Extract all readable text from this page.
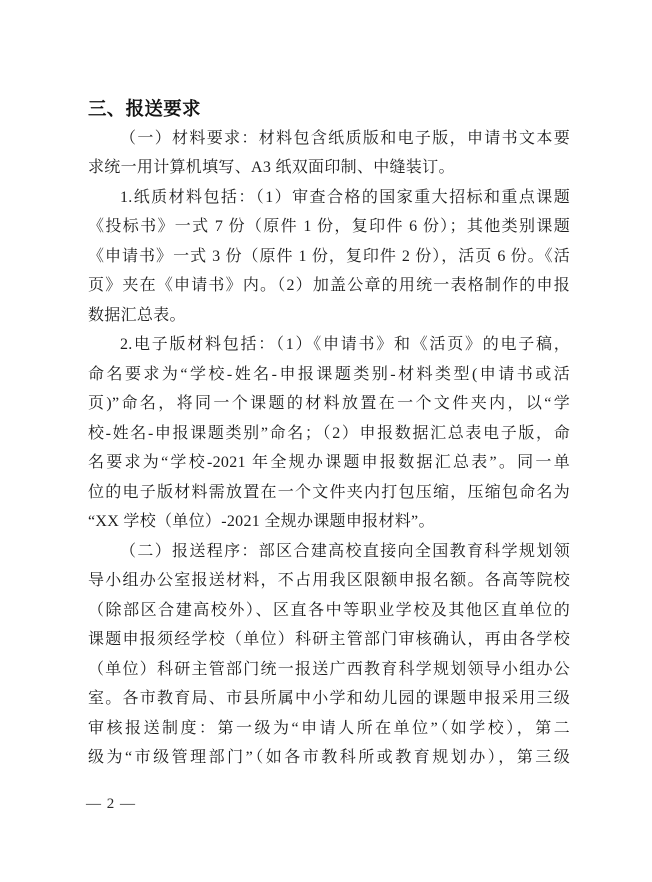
三、报送要求
（一）材料要求：材料包含纸质版和电子版，申请书文本要
求统一用计算机填写、A3 纸双面印制、中缝装订。
1.纸质材料包括：（1）审查合格的国家重大招标和重点课题
《投标书》一式 7 份（原件 1 份，复印件 6 份）；其他类别课题
《申请书》一式 3 份（原件 1 份，复印件 2 份），活页 6 份。《活
页》夹在《申请书》内。（2）加盖公章的用统一表格制作的申报
数据汇总表。
2.电子版材料包括：（1）《申请书》和《活页》的电子稿，
命名要求为“学校-姓名-申报课题类别-材料类型(申请书或活
页)”命名，将同一个课题的材料放置在一个文件夹内，以“学
校-姓名-申报课题类别”命名；（2）申报数据汇总表电子版，命
名要求为“学校-2021 年全规办课题申报数据汇总表”。同一单
位的电子版材料需放置在一个文件夹内打包压缩，压缩包命名为
“XX 学校（单位）-2021 全规办课题申报材料”。
（二）报送程序：部区合建高校直接向全国教育科学规划领
导小组办公室报送材料，不占用我区限额申报名额。各高等院校
（除部区合建高校外）、区直各中等职业学校及其他区直单位的
课题申报须经学校（单位）科研主管部门审核确认，再由各学校
（单位）科研主管部门统一报送广西教育科学规划领导小组办公
室。各市教育局、市县所属中小学和幼儿园的课题申报采用三级
审核报送制度：第一级为“申请人所在单位”（如学校），第二
级为“市级管理部门”（如各市教科所或教育规划办），第三级
— 2 —
